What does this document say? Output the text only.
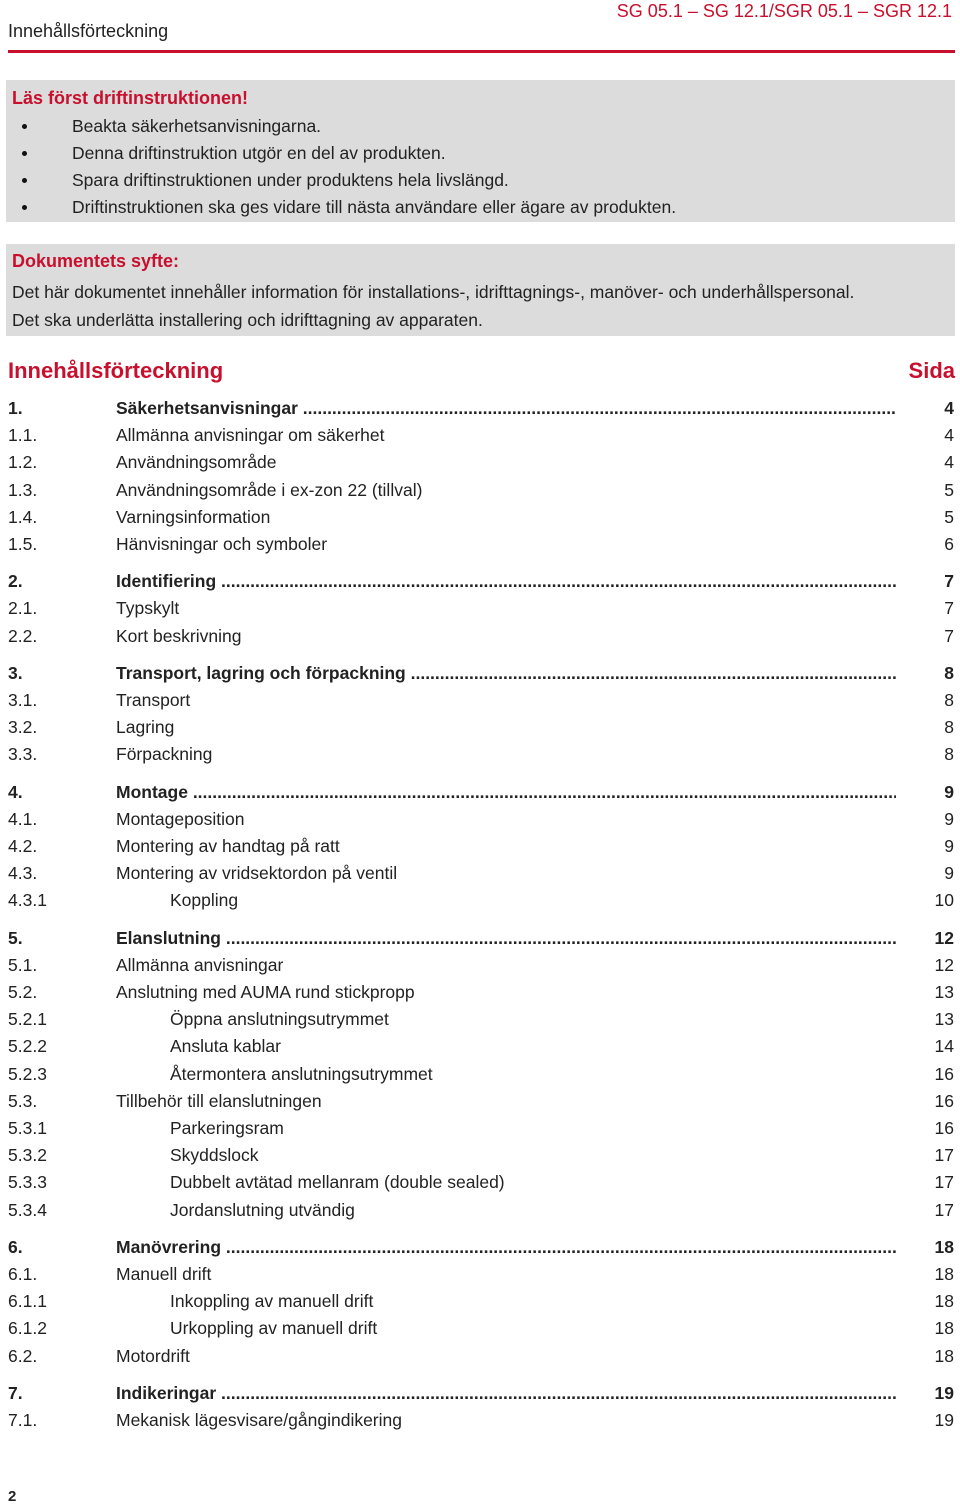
Innehållsförteckning
SG 05.1 – SG 12.1/SGR 05.1 – SGR 12.1
Läs först driftinstruktionen!
Beakta säkerhetsanvisningarna.
Denna driftinstruktion utgör en del av produkten.
Spara driftinstruktionen under produktens hela livslängd.
Driftinstruktionen ska ges vidare till nästa användare eller ägare av produkten.
Dokumentets syfte:
Det här dokumentet innehåller information för installations-, idrifttagnings-, manöver- och underhållspersonal.
Det ska underlätta installering och idrifttagning av apparaten.
Innehållsförteckning	Sida
1.	Säkerhetsanvisningar .....	4
1.1.	Allmänna anvisningar om säkerhet	4
1.2.	Användningsområde	4
1.3.	Användningsområde i ex-zon 22 (tillval)	5
1.4.	Varningsinformation	5
1.5.	Hänvisningar och symboler	6
2.	Identifiering .....	7
2.1.	Typskylt	7
2.2.	Kort beskrivning	7
3.	Transport, lagring och förpackning .....	8
3.1.	Transport	8
3.2.	Lagring	8
3.3.	Förpackning	8
4.	Montage .....	9
4.1.	Montageposition	9
4.2.	Montering av handtag på ratt	9
4.3.	Montering av vridsektordon på ventil	9
4.3.1	Koppling	10
5.	Elanslutning .....	12
5.1.	Allmänna anvisningar	12
5.2.	Anslutning med AUMA rund stickpropp	13
5.2.1	Öppna anslutningsutrymmet	13
5.2.2	Ansluta kablar	14
5.2.3	Återmontera anslutningsutrymmet	16
5.3.	Tillbehör till elanslutningen	16
5.3.1	Parkeringsram	16
5.3.2	Skyddslock	17
5.3.3	Dubbelt avtätad mellanram (double sealed)	17
5.3.4	Jordanslutning utvändig	17
6.	Manövrering .....	18
6.1.	Manuell drift	18
6.1.1	Inkoppling av manuell drift	18
6.1.2	Urkoppling av manuell drift	18
6.2.	Motordrift	18
7.	Indikeringar .....	19
7.1.	Mekanisk lägesvisare/gångindikering	19
2
